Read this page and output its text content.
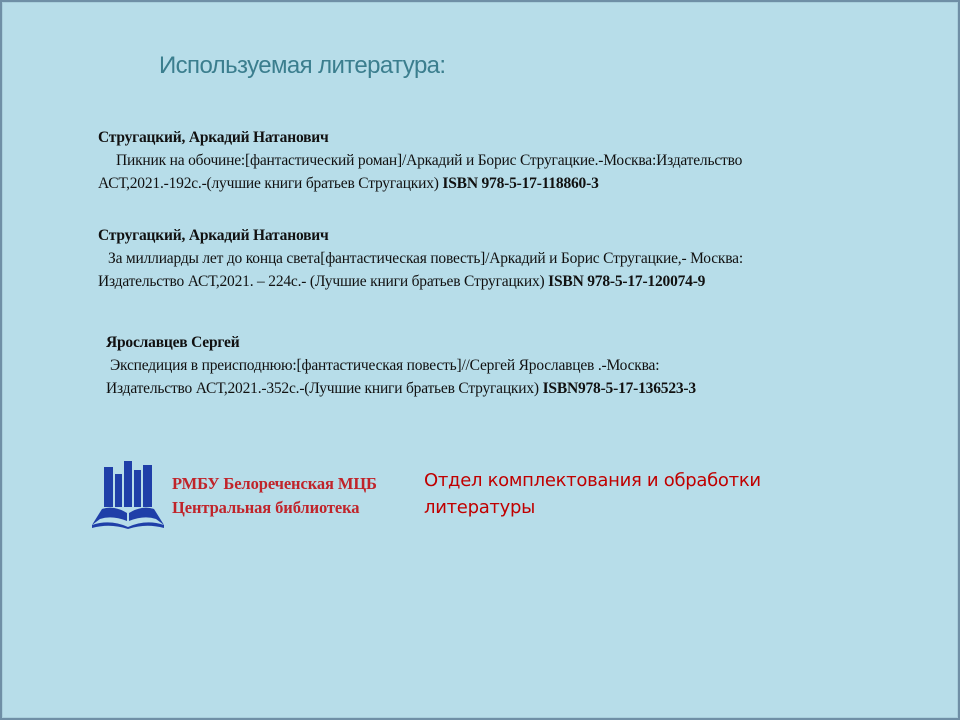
Используемая литература:
Стругацкий, Аркадий Натанович
Пикник на обочине:[фантастический роман]/Аркадий и Борис Стругацкие.-Москва:Издательство
АСТ,2021.-192с.-(лучшие книги братьев Стругацких) ISBN 978-5-17-118860-3
Стругацкий, Аркадий Натанович
За миллиарды лет до конца света[фантастическая повесть]/Аркадий и Борис Стругацкие,- Москва:
Издательство АСТ,2021. – 224с.- (Лучшие книги братьев Стругацких) ISBN 978-5-17-120074-9
Ярославцев Сергей
Экспедиция в преисподнюю:[фантастическая повесть]//Сергей Ярославцев .-Москва:
Издательство АСТ,2021.-352с.-(Лучшие книги братьев Стругацких) ISBN978-5-17-136523-3
РМБУ Белореченская МЦБ
Центральная библиотека
Отдел комплектования и обработки
литературы
